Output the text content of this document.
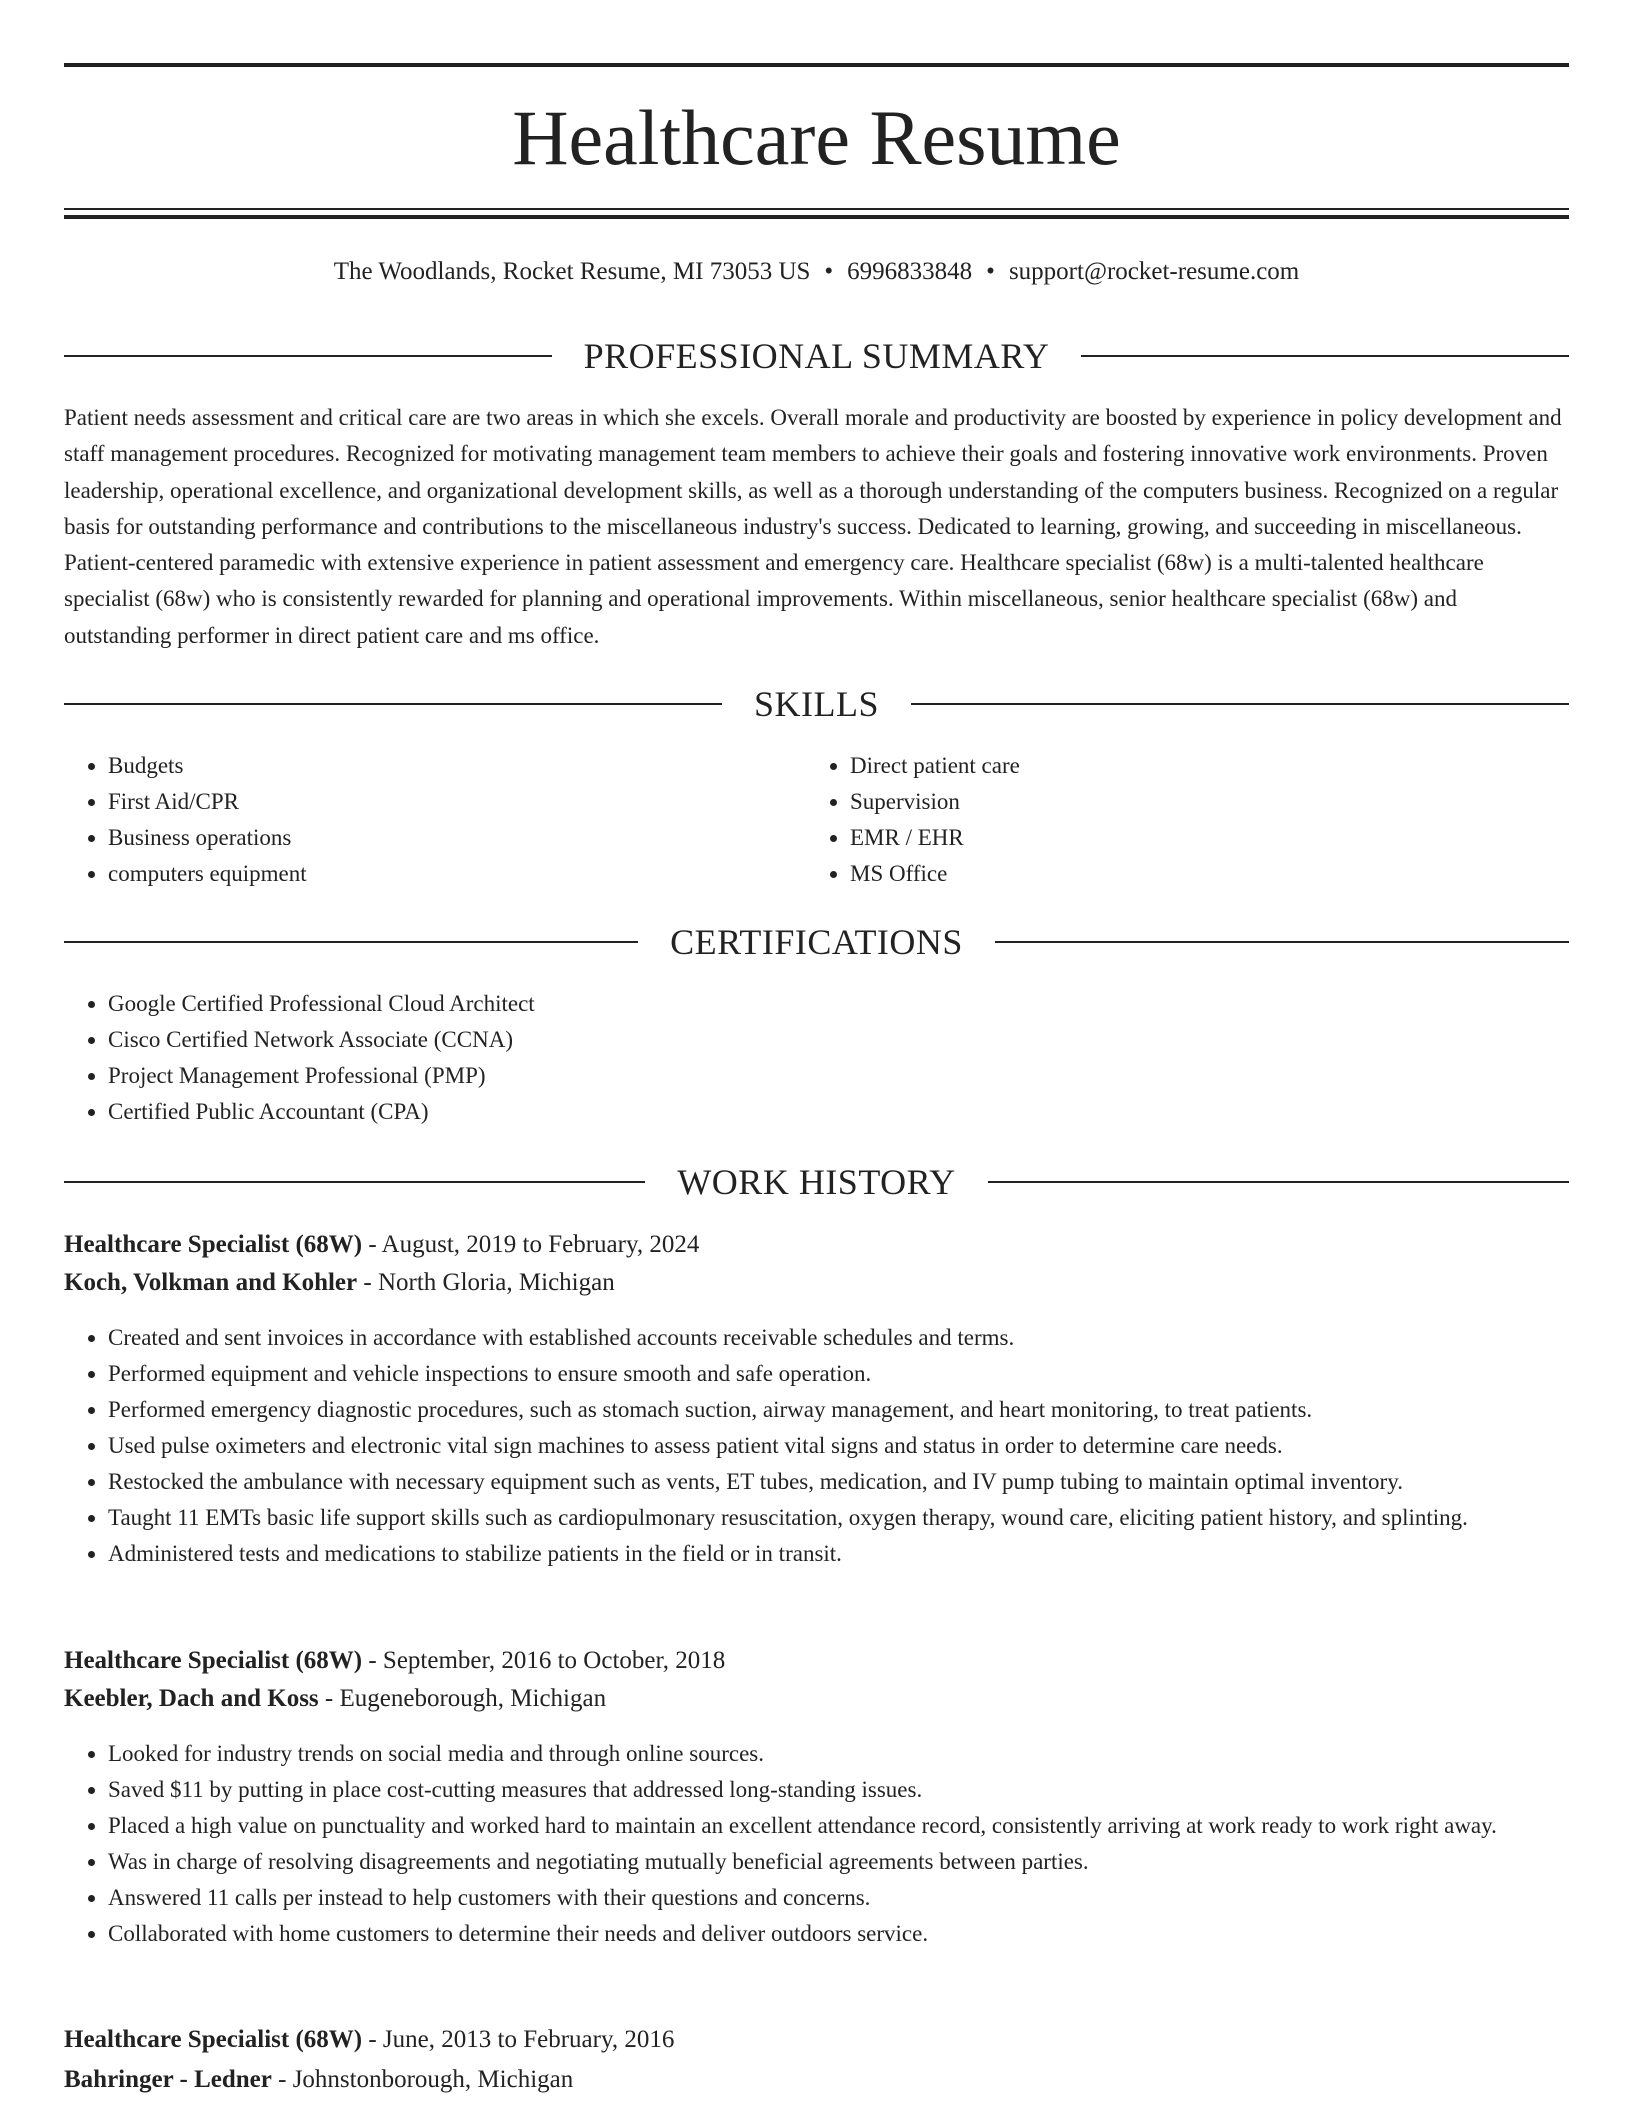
Healthcare Resume
The Woodlands, Rocket Resume, MI 73053 US • 6996833848 • support@rocket-resume.com
PROFESSIONAL SUMMARY

Patient needs assessment and critical care are two areas in which she excels. Overall morale and productivity are boosted by experience in policy development and staff management procedures. Recognized for motivating management team members to achieve their goals and fostering innovative work environments. Proven leadership, operational excellence, and organizational development skills, as well as a thorough understanding of the computers business. Recognized on a regular basis for outstanding performance and contributions to the miscellaneous industry's success. Dedicated to learning, growing, and succeeding in miscellaneous. Patient-centered paramedic with extensive experience in patient assessment and emergency care. Healthcare specialist (68w) is a multi-talented healthcare specialist (68w) who is consistently rewarded for planning and operational improvements. Within miscellaneous, senior healthcare specialist (68w) and outstanding performer in direct patient care and ms office.

SKILLS
• Budgets
• First Aid/CPR
• Business operations
• computers equipment
• Direct patient care
• Supervision
• EMR / EHR
• MS Office
CERTIFICATIONS
• Google Certified Professional Cloud Architect
• Cisco Certified Network Associate (CCNA)
• Project Management Professional (PMP)
• Certified Public Accountant (CPA)
WORK HISTORY

Healthcare Specialist (68W) - August, 2019 to February, 2024

Koch, Volkman and Kohler - North Gloria, Michigan

• Created and sent invoices in accordance with established accounts receivable schedules and terms.
• Performed equipment and vehicle inspections to ensure smooth and safe operation.
• Performed emergency diagnostic procedures, such as stomach suction, airway management, and heart monitoring, to treat patients.
• Used pulse oximeters and electronic vital sign machines to assess patient vital signs and status in order to determine care needs.
• Restocked the ambulance with necessary equipment such as vents, ET tubes, medication, and IV pump tubing to maintain optimal inventory.
• Taught 11 EMTs basic life support skills such as cardiopulmonary resuscitation, oxygen therapy, wound care, eliciting patient history, and splinting.
• Administered tests and medications to stabilize patients in the field or in transit.

Healthcare Specialist (68W) - September, 2016 to October, 2018

Keebler, Dach and Koss - Eugeneborough, Michigan

• Looked for industry trends on social media and through online sources.
• Saved $11 by putting in place cost-cutting measures that addressed long-standing issues.
• Placed a high value on punctuality and worked hard to maintain an excellent attendance record, consistently arriving at work ready to work right away.
• Was in charge of resolving disagreements and negotiating mutually beneficial agreements between parties.
• Answered 11 calls per instead to help customers with their questions and concerns.
• Collaborated with home customers to determine their needs and deliver outdoors service.

Healthcare Specialist (68W) - June, 2013 to February, 2016

Bahringer - Ledner - Johnstonborough, Michigan
